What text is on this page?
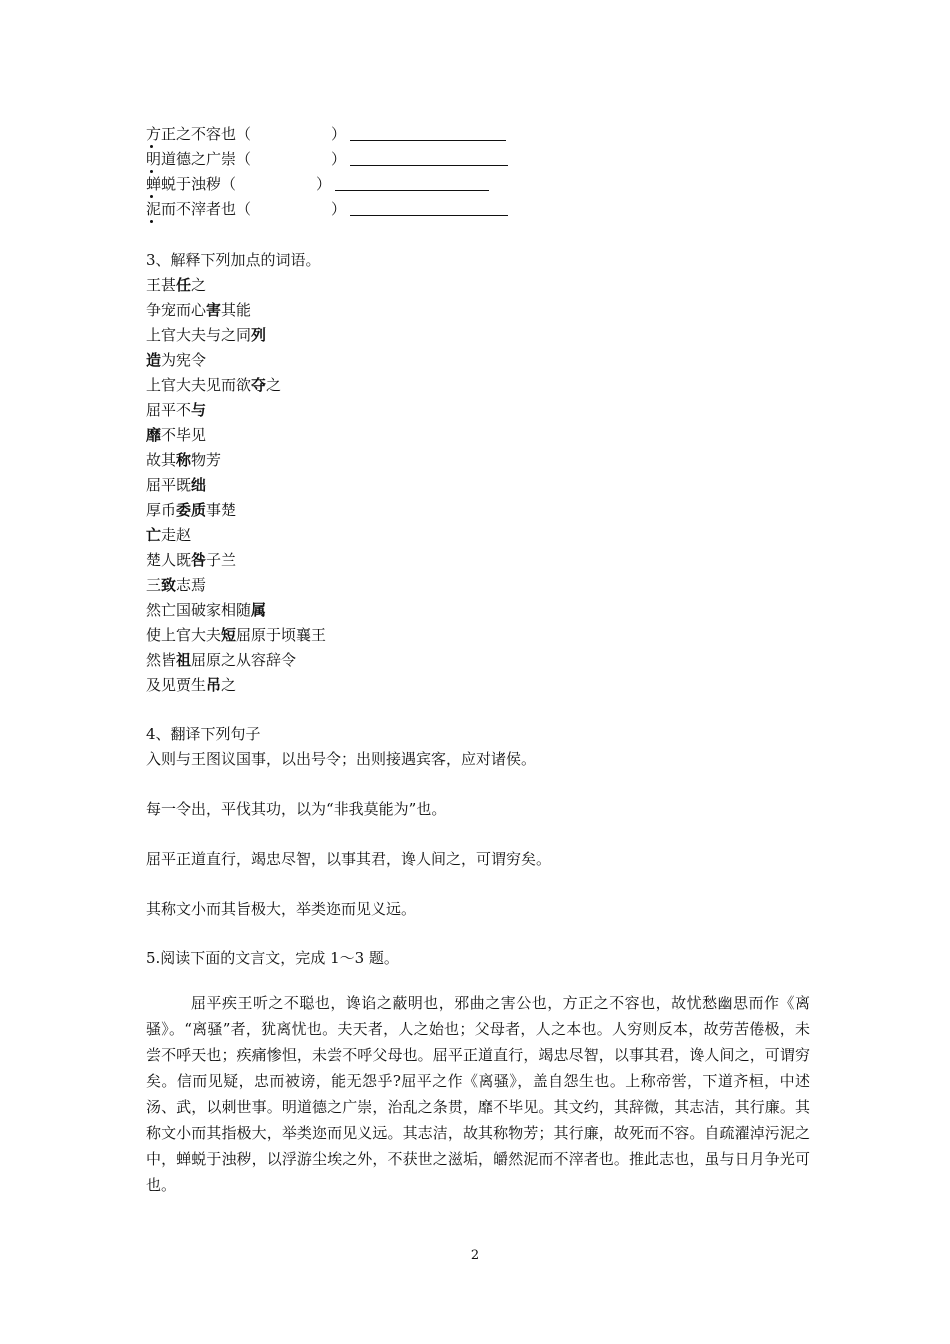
方正之不容也（	）
明道德之广崇（	）
蝉蜕于浊秽（	）
泥而不滓者也（	）
3、解释下列加点的词语。
王甚任之
争宠而心害其能
上官大夫与之同列
造为宪令
上官大夫见而欲夺之
屈平不与
靡不毕见
故其称物芳
屈平既绌
厚币委质事楚
亡走赵
楚人既咎子兰
三致志焉
然亡国破家相随属
使上官大夫短屈原于顷襄王
然皆祖屈原之从容辞令
及见贾生吊之
4、翻译下列句子
入则与王图议国事，以出号令；出则接遇宾客，应对诸侯。
每一令出，平伐其功，以为“非我莫能为”也。
屈平正道直行，竭忠尽智，以事其君，谗人间之，可谓穷矣。
其称文小而其旨极大，举类迩而见义远。
5.阅读下面的文言文，完成 1～3 题。
屈平疾王听之不聪也，谗谄之蔽明也，邪曲之害公也，方正之不容也，故忧愁幽思而作《离骚》。“离骚”者，犹离忧也。夫天者，人之始也；父母者，人之本也。人穷则反本，故劳苦倦极，未尝不呼天也；疾痛惨怛，未尝不呼父母也。屈平正道直行，竭忠尽智，以事其君，谗人间之，可谓穷矣。信而见疑，忠而被谤，能无怨乎?屈平之作《离骚》，盖自怨生也。上称帝喾，下道齐桓，中述汤、武，以刺世事。明道德之广崇，治乱之条贯，靡不毕见。其文约，其辞微，其志洁，其行廉。其称文小而其指极大，举类迩而见义远。其志洁，故其称物芳；其行廉，故死而不容。自疏濯淖污泥之中，蝉蜕于浊秽，以浮游尘埃之外，不获世之滋垢，皭然泥而不滓者也。推此志也，虽与日月争光可也。
2
